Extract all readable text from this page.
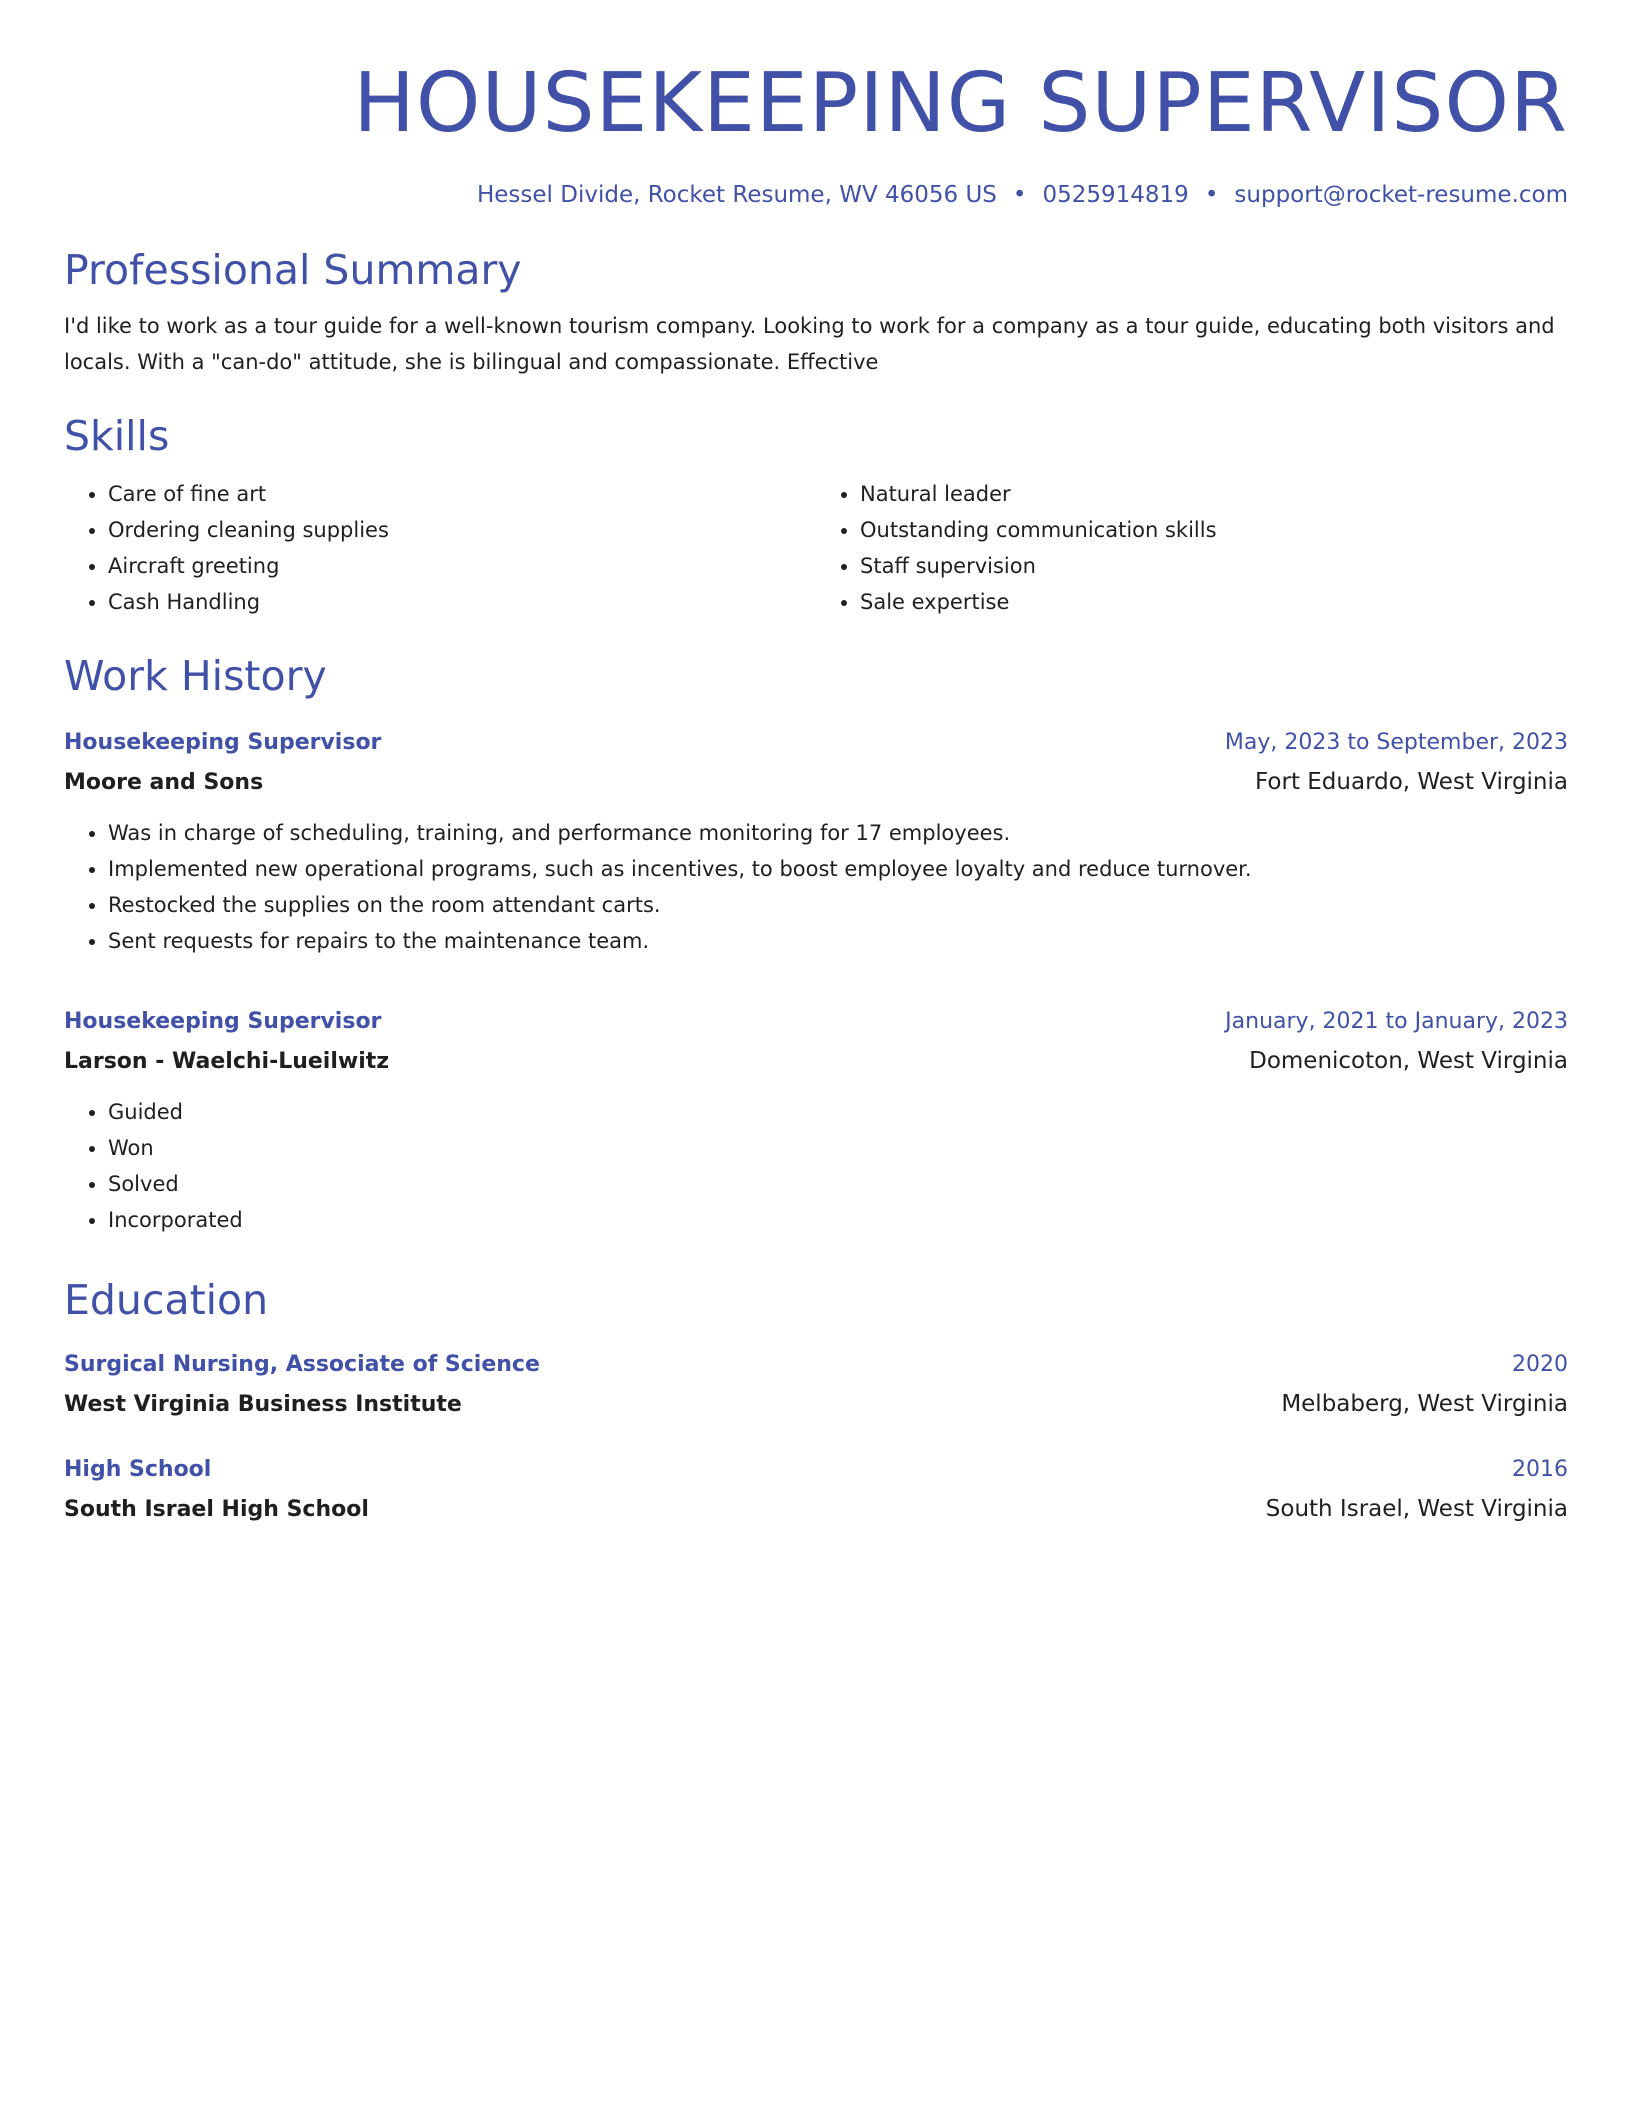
HOUSEKEEPING SUPERVISOR
Hessel Divide, Rocket Resume, WV 46056 US • 0525914819 • support@rocket-resume.com
Professional Summary

I'd like to work as a tour guide for a well-known tourism company. Looking to work for a company as a tour guide, educating both visitors and locals. With a "can-do" attitude, she is bilingual and compassionate. Effective

Skills
• Care of fine art
• Ordering cleaning supplies
• Aircraft greeting
• Cash Handling
• Natural leader
• Outstanding communication skills
• Staff supervision
• Sale expertise
Work History
Housekeeping Supervisor	May, 2023 to September, 2023
Moore and Sons	Fort Eduardo, West Virginia
• Was in charge of scheduling, training, and performance monitoring for 17 employees.
• Implemented new operational programs, such as incentives, to boost employee loyalty and reduce turnover.
• Restocked the supplies on the room attendant carts.
• Sent requests for repairs to the maintenance team.
Housekeeping Supervisor	January, 2021 to January, 2023
Larson - Waelchi-Lueilwitz	Domenicoton, West Virginia
• Guided
• Won
• Solved
• Incorporated
Education
Surgical Nursing, Associate of Science	2020
West Virginia Business Institute	Melbaberg, West Virginia
High School	2016
South Israel High School	South Israel, West Virginia
